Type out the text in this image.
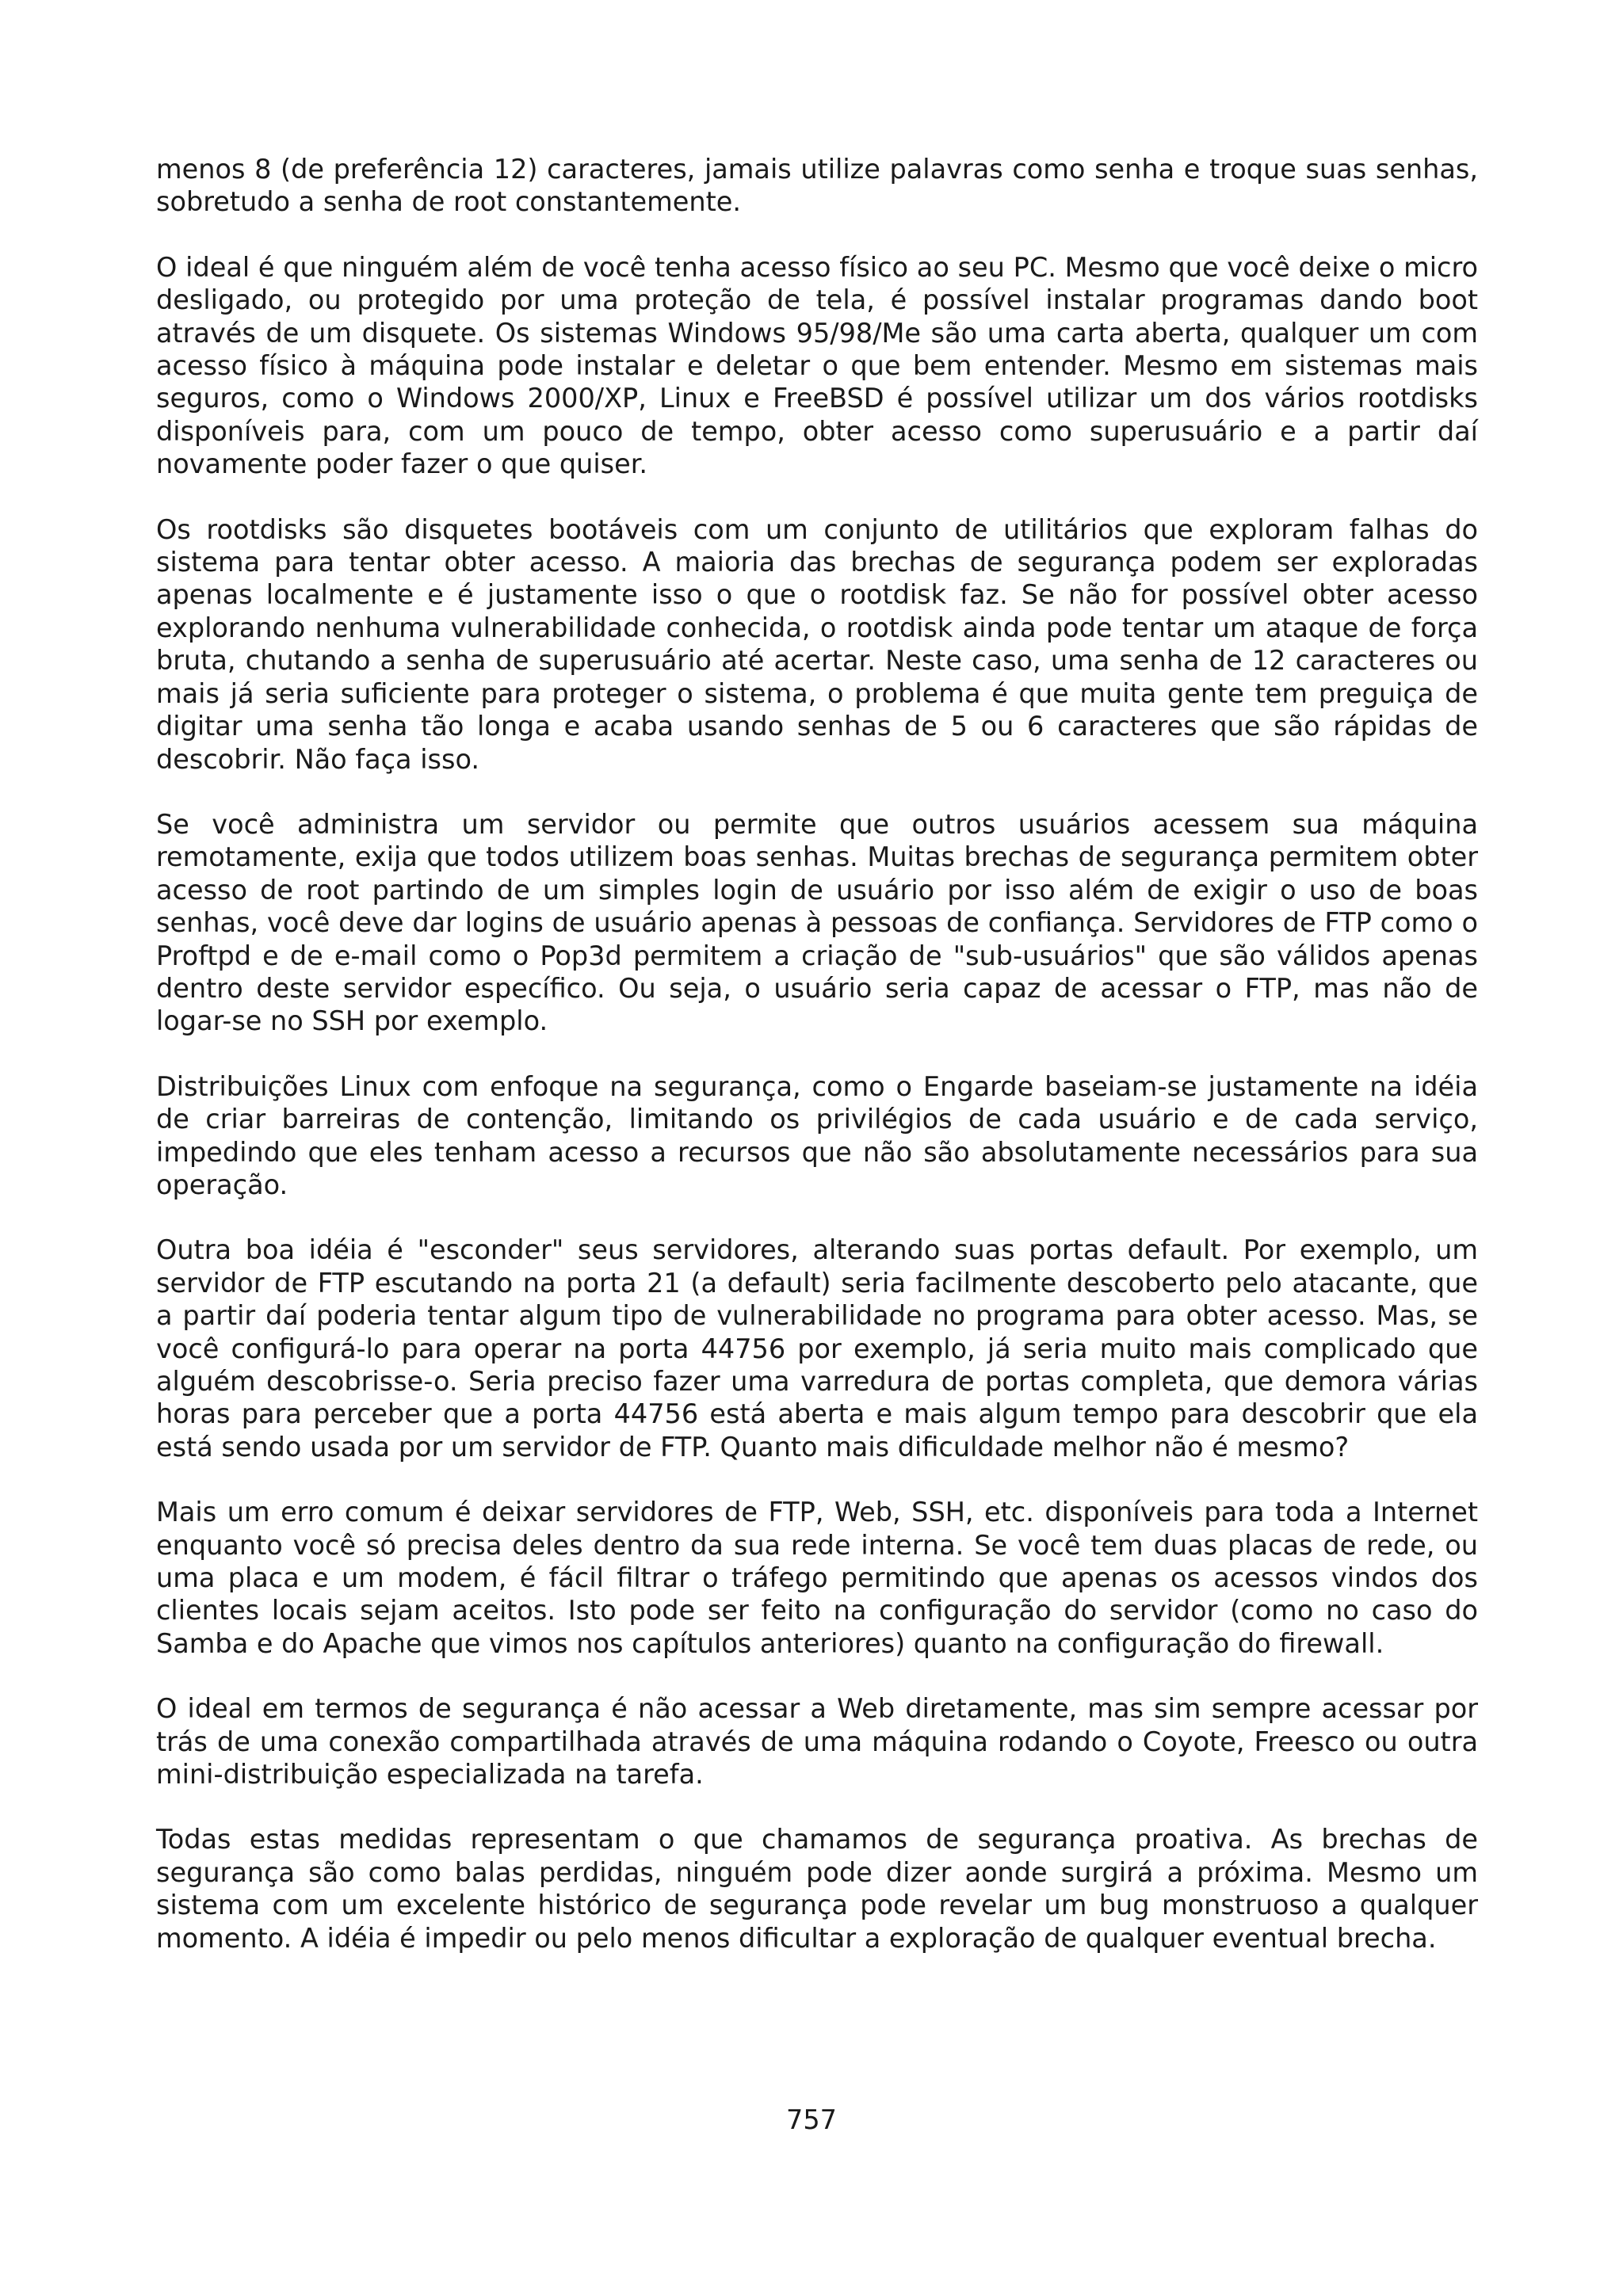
menos 8 (de preferência 12) caracteres, jamais utilize palavras como senha e troque suas senhas, sobretudo a senha de root constantemente.

O ideal é que ninguém além de você tenha acesso físico ao seu PC. Mesmo que você deixe o micro desligado, ou protegido por uma proteção de tela, é possível instalar programas dando boot através de um disquete. Os sistemas Windows 95/98/Me são uma carta aberta, qualquer um com acesso físico à máquina pode instalar e deletar o que bem entender. Mesmo em sistemas mais seguros, como o Windows 2000/XP, Linux e FreeBSD é possível utilizar um dos vários rootdisks disponíveis para, com um pouco de tempo, obter acesso como superusuário e a partir daí novamente poder fazer o que quiser.

Os rootdisks são disquetes bootáveis com um conjunto de utilitários que exploram falhas do sistema para tentar obter acesso. A maioria das brechas de segurança podem ser exploradas apenas localmente e é justamente isso o que o rootdisk faz. Se não for possível obter acesso explorando nenhuma vulnerabilidade conhecida, o rootdisk ainda pode tentar um ataque de força bruta, chutando a senha de superusuário até acertar. Neste caso, uma senha de 12 caracteres ou mais já seria suficiente para proteger o sistema, o problema é que muita gente tem preguiça de digitar uma senha tão longa e acaba usando senhas de 5 ou 6 caracteres que são rápidas de descobrir. Não faça isso.

Se você administra um servidor ou permite que outros usuários acessem sua máquina remotamente, exija que todos utilizem boas senhas. Muitas brechas de segurança permitem obter acesso de root partindo de um simples login de usuário por isso além de exigir o uso de boas senhas, você deve dar logins de usuário apenas à pessoas de confiança. Servidores de FTP como o Proftpd e de e-mail como o Pop3d permitem a criação de "sub-usuários" que são válidos apenas dentro deste servidor específico. Ou seja, o usuário seria capaz de acessar o FTP, mas não de logar-se no SSH por exemplo.

Distribuições Linux com enfoque na segurança, como o Engarde baseiam-se justamente na idéia de criar barreiras de contenção, limitando os privilégios de cada usuário e de cada serviço, impedindo que eles tenham acesso a recursos que não são absolutamente necessários para sua operação.

Outra boa idéia é "esconder" seus servidores, alterando suas portas default. Por exemplo, um servidor de FTP escutando na porta 21 (a default) seria facilmente descoberto pelo atacante, que a partir daí poderia tentar algum tipo de vulnerabilidade no programa para obter acesso. Mas, se você configurá-lo para operar na porta 44756 por exemplo, já seria muito mais complicado que alguém descobrisse-o. Seria preciso fazer uma varredura de portas completa, que demora várias horas para perceber que a porta 44756 está aberta e mais algum tempo para descobrir que ela está sendo usada por um servidor de FTP. Quanto mais dificuldade melhor não é mesmo?

Mais um erro comum é deixar servidores de FTP, Web, SSH, etc. disponíveis para toda a Internet enquanto você só precisa deles dentro da sua rede interna. Se você tem duas placas de rede, ou uma placa e um modem, é fácil filtrar o tráfego permitindo que apenas os acessos vindos dos clientes locais sejam aceitos. Isto pode ser feito na configuração do servidor (como no caso do Samba e do Apache que vimos nos capítulos anteriores) quanto na configuração do firewall.

O ideal em termos de segurança é não acessar a Web diretamente, mas sim sempre acessar por trás de uma conexão compartilhada através de uma máquina rodando o Coyote, Freesco ou outra mini-distribuição especializada na tarefa.

Todas estas medidas representam o que chamamos de segurança proativa. As brechas de segurança são como balas perdidas, ninguém pode dizer aonde surgirá a próxima. Mesmo um sistema com um excelente histórico de segurança pode revelar um bug monstruoso a qualquer momento. A idéia é impedir ou pelo menos dificultar a exploração de qualquer eventual brecha.

757
